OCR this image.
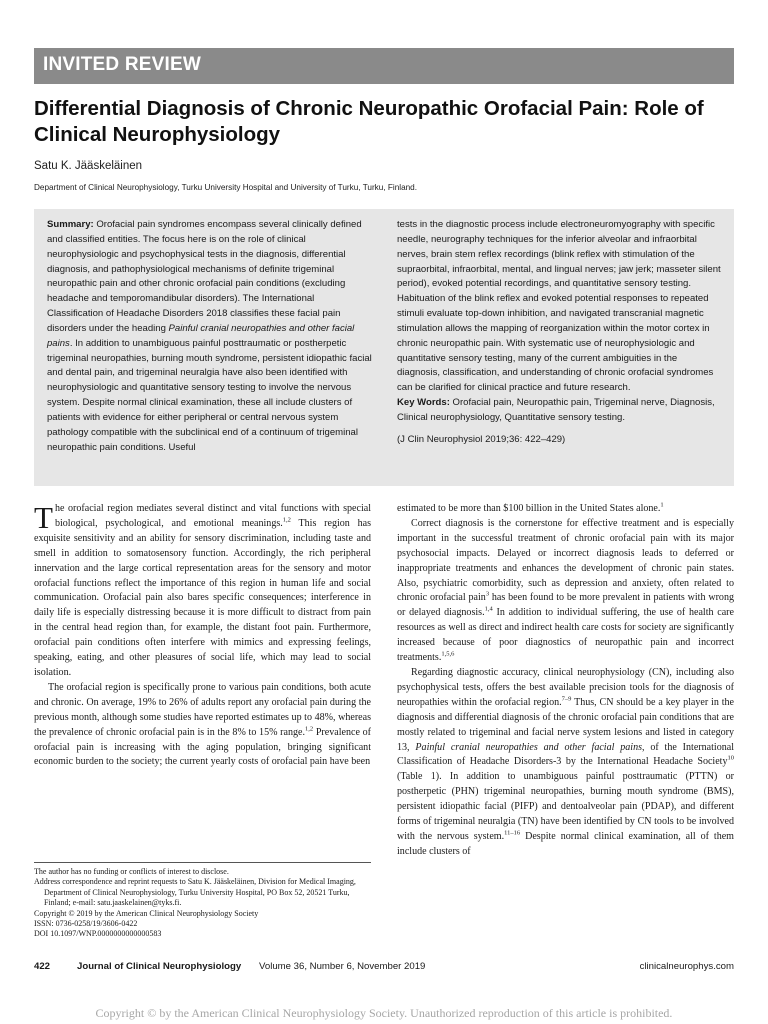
INVITED REVIEW
Differential Diagnosis of Chronic Neuropathic Orofacial Pain: Role of Clinical Neurophysiology
Satu K. Jääskeläinen
Department of Clinical Neurophysiology, Turku University Hospital and University of Turku, Turku, Finland.

Summary: Orofacial pain syndromes encompass several clinically defined and classified entities. The focus here is on the role of clinical neurophysiologic and psychophysical tests in the diagnosis, differential diagnosis, and pathophysiological mechanisms of definite trigeminal neuropathic pain and other chronic orofacial pain conditions (excluding headache and temporomandibular disorders). The International Classification of Headache Disorders 2018 classifies these facial pain disorders under the heading Painful cranial neuropathies and other facial pains. In addition to unambiguous painful posttraumatic or postherpetic trigeminal neuropathies, burning mouth syndrome, persistent idiopathic facial and dental pain, and trigeminal neuralgia have also been identified with neurophysiologic and quantitative sensory testing to involve the nervous system. Despite normal clinical examination, these all include clusters of patients with evidence for either peripheral or central nervous system pathology compatible with the subclinical end of a continuum of trigeminal neuropathic pain conditions. Useful

tests in the diagnostic process include electroneuromyography with specific needle, neurography techniques for the inferior alveolar and infraorbital nerves, brain stem reflex recordings (blink reflex with stimulation of the supraorbital, infraorbital, mental, and lingual nerves; jaw jerk; masseter silent period), evoked potential recordings, and quantitative sensory testing. Habituation of the blink reflex and evoked potential responses to repeated stimuli evaluate top-down inhibition, and navigated transcranial magnetic stimulation allows the mapping of reorganization within the motor cortex in chronic neuropathic pain. With systematic use of neurophysiologic and quantitative sensory testing, many of the current ambiguities in the diagnosis, classification, and understanding of chronic orofacial syndromes can be clarified for clinical practice and future research.

Key Words: Orofacial pain, Neuropathic pain, Trigeminal nerve, Diagnosis, Clinical neurophysiology, Quantitative sensory testing.

(J Clin Neurophysiol 2019;36: 422–429)

The orofacial region mediates several distinct and vital functions with special biological, psychological, and emotional meanings.$^{1,2}$ This region has exquisite sensitivity and an ability for sensory discrimination, including taste and smell in addition to somatosensory function. Accordingly, the rich peripheral innervation and the large cortical representation areas for the sensory and motor orofacial functions reflect the importance of this region in human life and social communication. Orofacial pain also bares specific consequences; interference in daily life is especially distressing because it is more difficult to distract from pain in the central head region than, for example, the distant foot pain. Furthermore, orofacial pain conditions often interfere with mimics and expressing feelings, speaking, eating, and other pleasures of social life, which may lead to social isolation.

The orofacial region is specifically prone to various pain conditions, both acute and chronic. On average, 19% to 26% of adults report any orofacial pain during the previous month, although some studies have reported estimates up to 48%, whereas the prevalence of chronic orofacial pain is in the 8% to 15% range.$^{1,2}$ Prevalence of orofacial pain is increasing with the aging population, bringing significant economic burden to the society; the current yearly costs of orofacial pain have been

estimated to be more than $100 billion in the United States alone.$^1$

Correct diagnosis is the cornerstone for effective treatment and is especially important in the successful treatment of chronic orofacial pain with its major psychosocial impacts. Delayed or incorrect diagnosis leads to deferred or inappropriate treatments and enhances the development of chronic pain states. Also, psychiatric comorbidity, such as depression and anxiety, often related to chronic orofacial pain$^3$ has been found to be more prevalent in patients with wrong or delayed diagnosis.$^{1,4}$ In addition to individual suffering, the use of health care resources as well as direct and indirect health care costs for society are significantly increased because of poor diagnostics of neuropathic pain and incorrect treatments.$^{1,5,6}$

Regarding diagnostic accuracy, clinical neurophysiology (CN), including also psychophysical tests, offers the best available precision tools for the diagnosis of neuropathies within the orofacial region.$^{7-9}$ Thus, CN should be a key player in the diagnosis and differential diagnosis of the chronic orofacial pain conditions that are mostly related to trigeminal and facial nerve system lesions and listed in category 13, Painful cranial neuropathies and other facial pains, of the International Classification of Headache Disorders-3 by the International Headache Society$^{10}$ (Table 1). In addition to unambiguous painful posttraumatic (PTTN) or postherpetic (PHN) trigeminal neuropathies, burning mouth syndrome (BMS), persistent idiopathic facial (PIFP) and dentoalveolar pain (PDAP), and different forms of trigeminal neuralgia (TN) have been identified by CN tools to be involved with the nervous system.$^{11-16}$ Despite normal clinical examination, all of them include clusters of

The author has no funding or conflicts of interest to disclose.
Address correspondence and reprint requests to Satu K. Jääskeläinen, Division for Medical Imaging, Department of Clinical Neurophysiology, Turku University Hospital, PO Box 52, 20521 Turku, Finland; e-mail: satu.jaaskelainen@tyks.fi.
Copyright © 2019 by the American Clinical Neurophysiology Society
ISSN: 0736-0258/19/3606-0422
DOI 10.1097/WNP.0000000000000583
422	Journal of Clinical Neurophysiology Volume 36, Number 6, November 2019	clinicalneurophys.com
Copyright © by the American Clinical Neurophysiology Society. Unauthorized reproduction of this article is prohibited.
